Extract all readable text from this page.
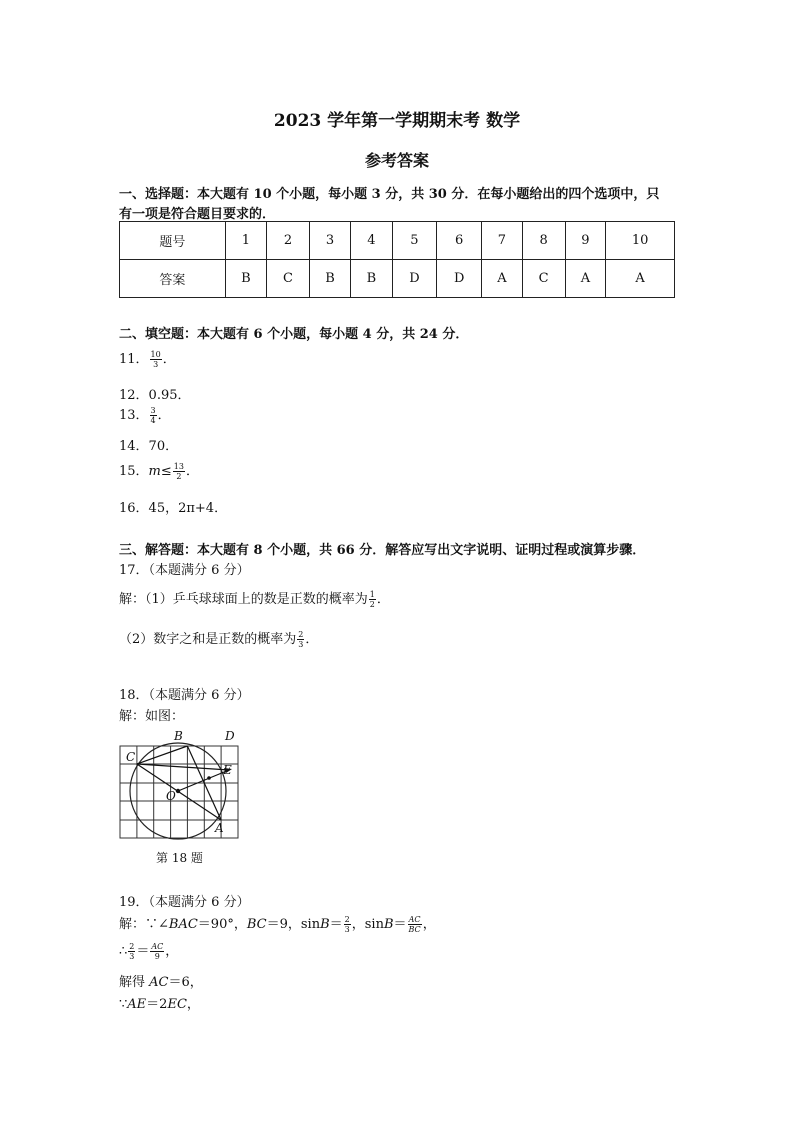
2023 学年第一学期期末考 数学
参考答案
一、选择题：本大题有 10 个小题，每小题 3 分，共 30 分．在每小题给出的四个选项中，只
有一项是符合题目要求的．
题号	1	2	3	4	5	6	7	8	9	10
答案	B	C	B	B	D	D	A	C	A	A
二、填空题：本大题有 6 个小题，每小题 4 分，共 24 分．
11． $\frac{10}{3}$ ．
12．0.95．
13． $\frac{3}{4}$ ．
14．70．
15．$m\le \frac{13}{2}$ ．
16．45，2π+4．
三、解答题：本大题有 8 个小题，共 66 分．解答应写出文字说明、证明过程或演算步骤．
17．（本题满分 6 分）
解：（1）乒乓球球面上的数是正数的概率为 $\frac{1}{2}$ ．
（2）数字之和是正数的概率为 $\frac{2}{3}$ ．
18．（本题满分 6 分）
解：如图：
B	D
C
E
O
A
第 18 题
19．（本题满分 6 分）
解：∵∠BAC＝90°，BC＝9，$\sin B= \frac{2}{3}$ ，$\sin B= \frac{AC}{BC}$ ，
∴ $\frac{2}{3} = \frac{AC}{9}$ ，
解得 AC＝6，
∵AE＝2EC，
